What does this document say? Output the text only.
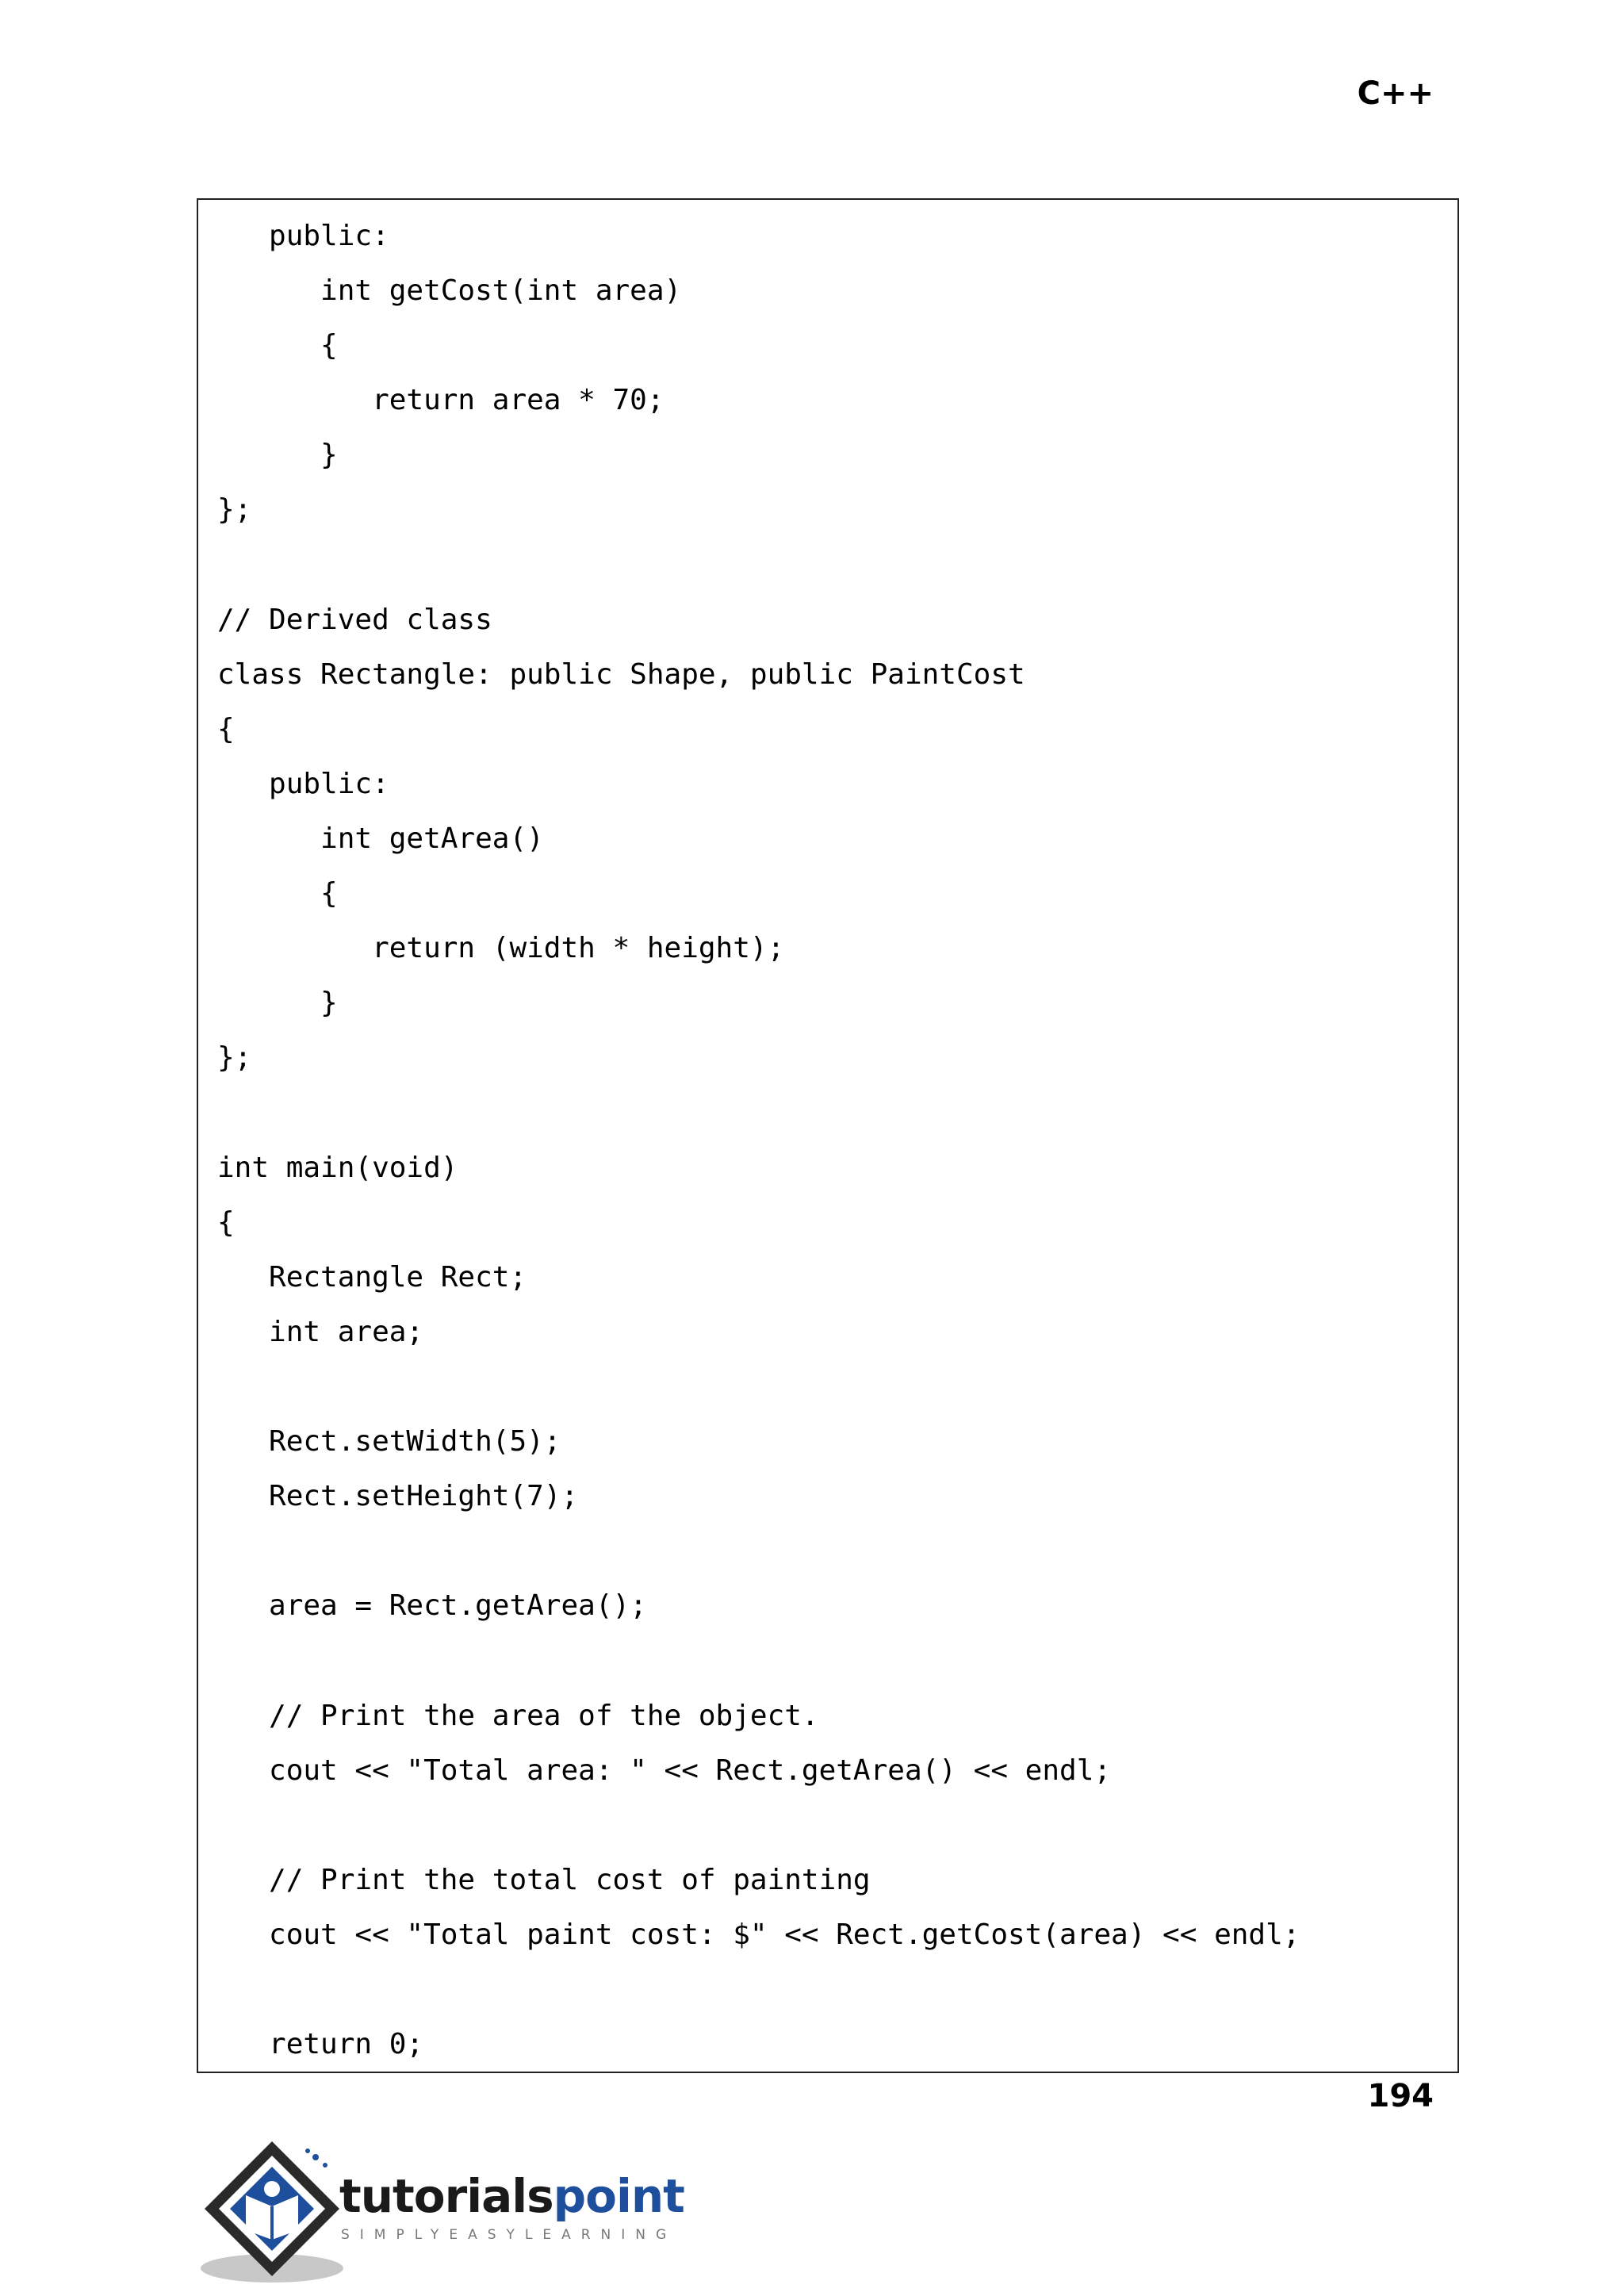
C++
public:
int getCost(int area)
{
return area * 70;
}
};
// Derived class
class Rectangle: public Shape, public PaintCost
{
public:
int getArea()
{
return (width * height);
}
};
int main(void)
{
Rectangle Rect;
int area;
Rect.setWidth(5);
Rect.setHeight(7);
area = Rect.getArea();
// Print the area of the object.
cout << "Total area: " << Rect.getArea() << endl;
// Print the total cost of painting
cout << "Total paint cost: $" << Rect.getCost(area) << endl;
return 0;
194
tutorialspoint
SIMPLYEASYLEARNING
